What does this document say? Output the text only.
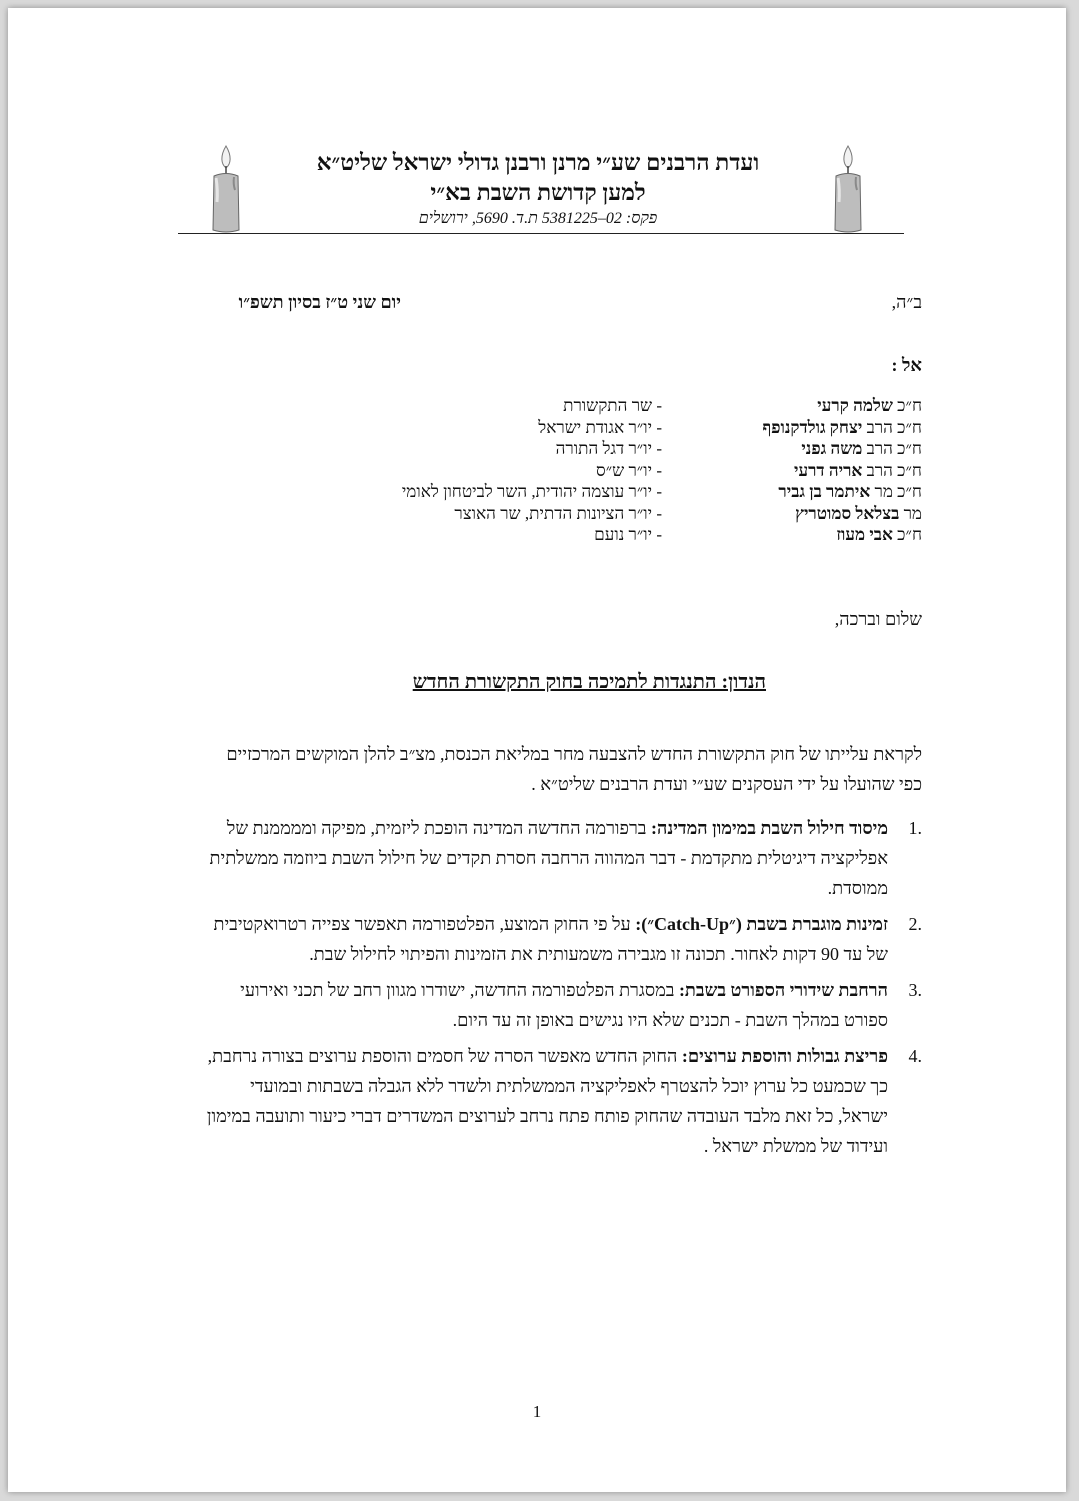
ועדת הרבנים שע״י מרנן ורבנן גדולי ישראל שליט״א
למען קדושת השבת בא״י
פקס: 02–5381225 ת.ד. 5690, ירושלים
ב״ה,
יום שני ט״ז בסיון תשפ״ו
אל :
ח״כ שלמה קרעי
- שר התקשורת
ח״כ הרב יצחק גולדקנופף
- יו״ר אגודת ישראל
ח״כ הרב משה גפני
- יו״ר דגל התורה
ח״כ הרב אריה דרעי
- יו״ר ש״ס
ח״כ מר איתמר בן גביר
- יו״ר עוצמה יהודית, השר לביטחון לאומי
מר בצלאל סמוטריץ
- יו״ר הציונות הדתית, שר האוצר
ח״כ אבי מעוז
- יו״ר נועם
שלום וברכה,
הנדון: התנגדות לתמיכה בחוק התקשורת החדש
לקראת עלייתו של חוק התקשורת החדש להצבעה מחר במליאת הכנסת, מצ״ב להלן המוקשים המרכזיים כפי שהועלו על ידי העסקנים שע״י ועדת הרבנים שליט״א .
1.
מיסוד חילול השבת במימון המדינה: ברפורמה החדשה המדינה הופכת ליזמית, מפיקה וממממנת של אפליקציה דיגיטלית מתקדמת - דבר המהווה הרחבה חסרת תקדים של חילול השבת ביוזמה ממשלתית ממוסדת.
2.
זמינות מוגברת בשבת (״Catch-Up״): על פי החוק המוצע, הפלטפורמה תאפשר צפייה רטרואקטיבית של עד 90 דקות לאחור. תכונה זו מגבירה משמעותית את הזמינות והפיתוי לחילול שבת.
3.
הרחבת שידורי הספורט בשבת: במסגרת הפלטפורמה החדשה, ישודרו מגוון רחב של תכני ואירועי ספורט במהלך השבת - תכנים שלא היו נגישים באופן זה עד היום.
4.
פריצת גבולות והוספת ערוצים: החוק החדש מאפשר הסרה של חסמים והוספת ערוצים בצורה נרחבת, כך שכמעט כל ערוץ יוכל להצטרף לאפליקציה הממשלתית ולשדר ללא הגבלה בשבתות ובמועדי ישראל, כל זאת מלבד העובדה שהחוק פותח פתח נרחב לערוצים המשדרים דברי כיעור ותועבה במימון ועידוד של ממשלת ישראל .
1
